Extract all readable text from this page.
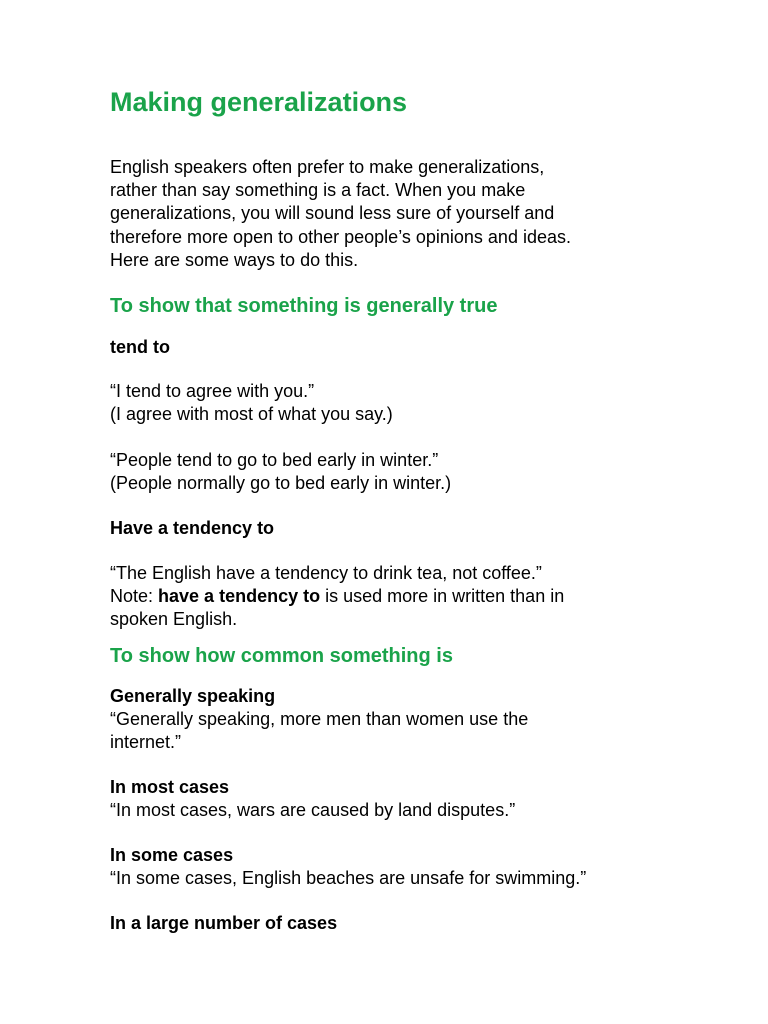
Making generalizations

English speakers often prefer to make generalizations,
rather than say something is a fact. When you make
generalizations, you will sound less sure of yourself and
therefore more open to other people’s opinions and ideas.
Here are some ways to do this.

To show that something is generally true
tend to
“I tend to agree with you.”
(I agree with most of what you say.)
“People tend to go to bed early in winter.”
(People normally go to bed early in winter.)
Have a tendency to
“The English have a tendency to drink tea, not coffee.”
Note: have a tendency to is used more in written than in
spoken English.
To show how common something is
Generally speaking
“Generally speaking, more men than women use the
internet.”
In most cases
“In most cases, wars are caused by land disputes.”
In some cases
“In some cases, English beaches are unsafe for swimming.”
In a large number of cases
